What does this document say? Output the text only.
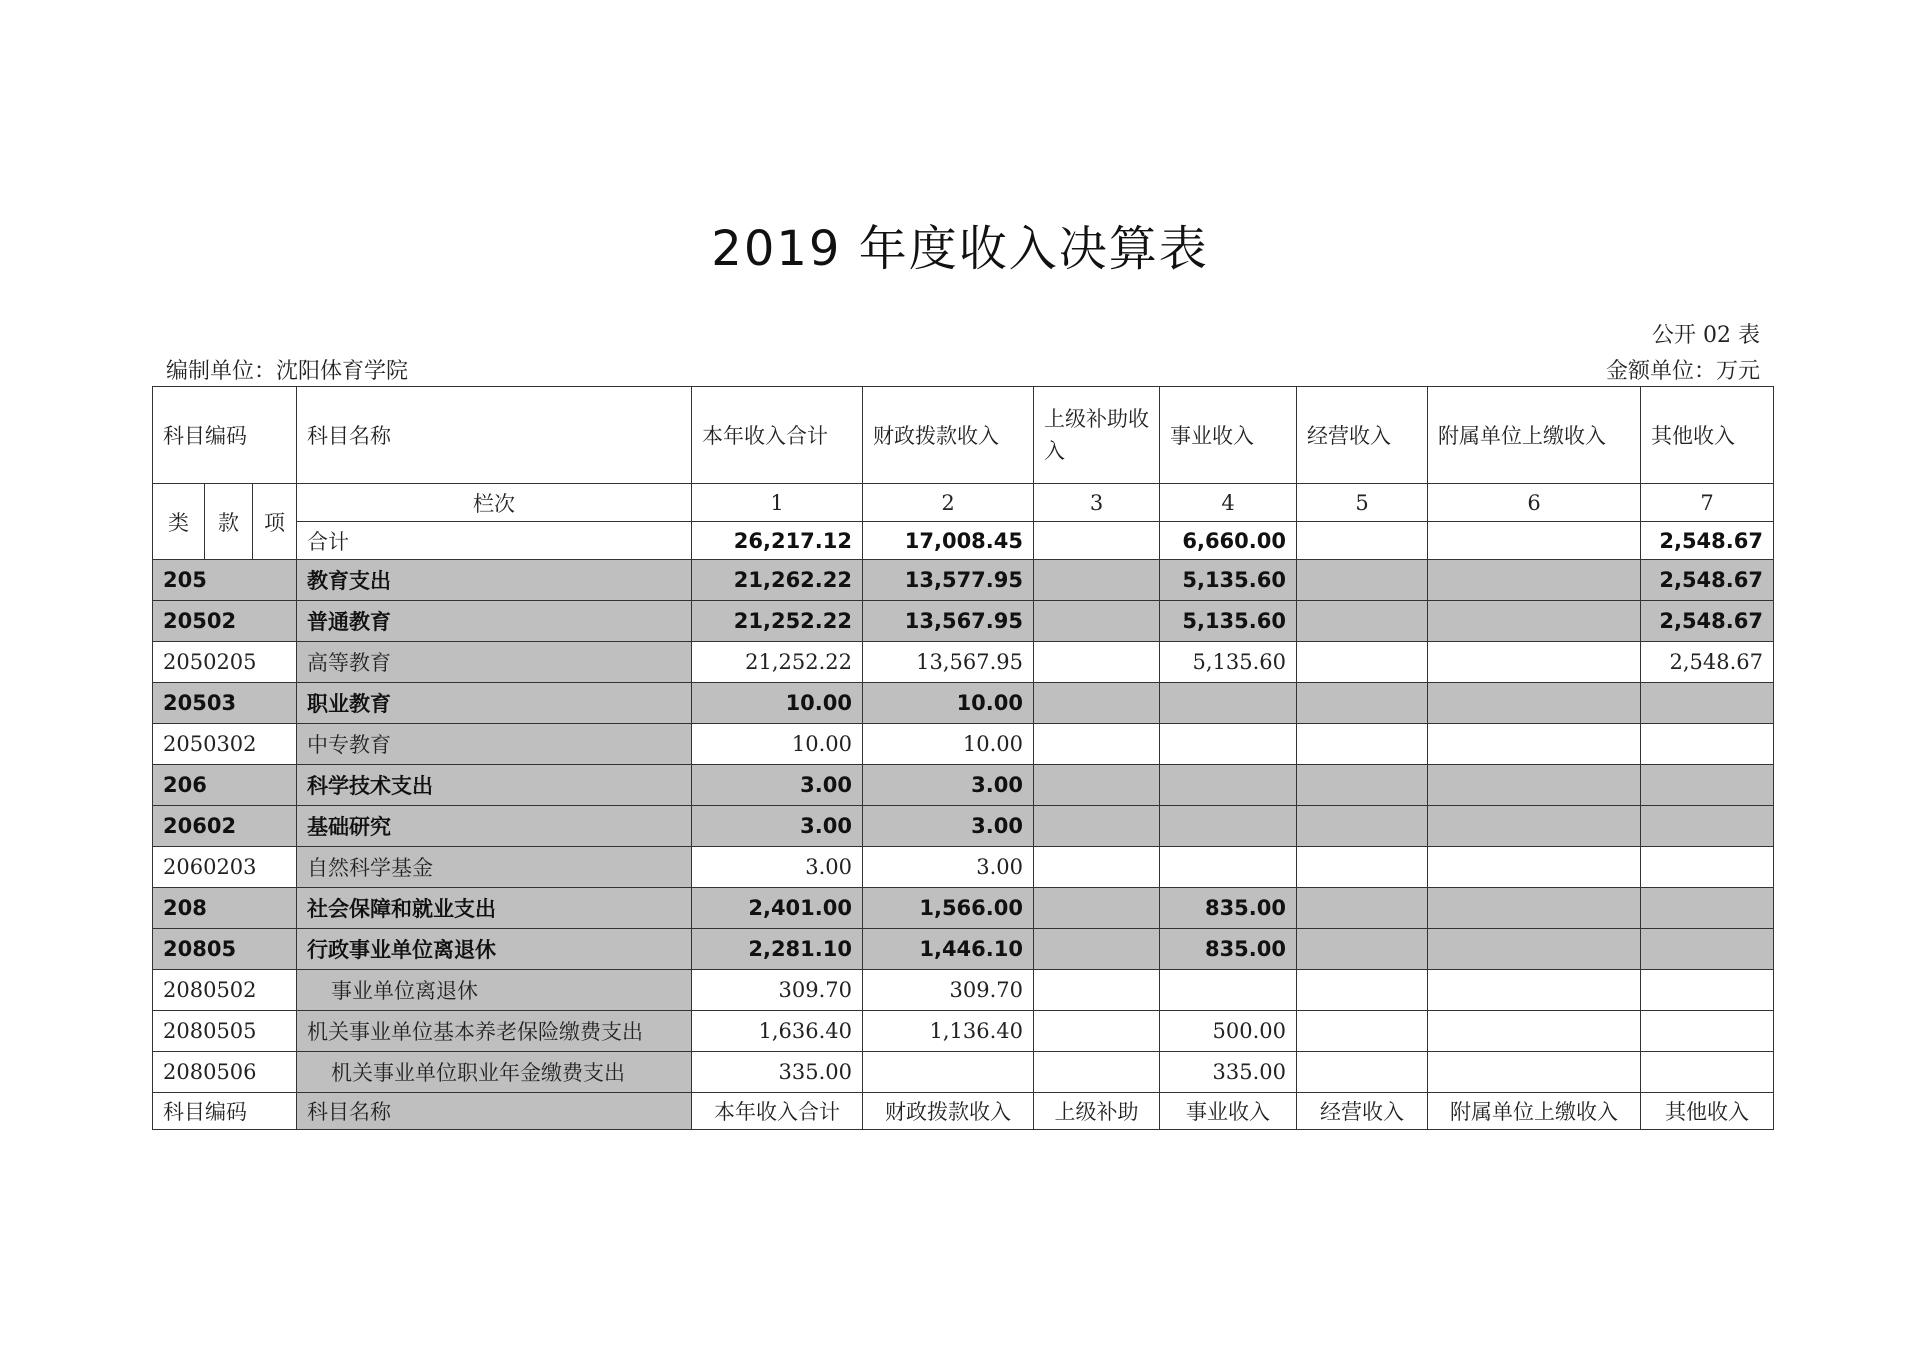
2019 年度收入决算表
公开 02 表
编制单位：沈阳体育学院	金额单位：万元
科目编码			科目名称	本年收入合计	财政拨款收入	上级补助收入	事业收入	经营收入	附属单位上缴收入	其他收入
类	款	项	栏次	1	2	3	4	5	6	7
			合计	26,217.12	17,008.45		6,660.00			2,548.67
205			教育支出	21,262.22	13,577.95		5,135.60			2,548.67
20502			普通教育	21,252.22	13,567.95		5,135.60			2,548.67
2050205			高等教育	21,252.22	13,567.95		5,135.60			2,548.67
20503			职业教育	10.00	10.00					
2050302			中专教育	10.00	10.00					
206			科学技术支出	3.00	3.00					
20602			基础研究	3.00	3.00					
2060203			自然科学基金	3.00	3.00					
208			社会保障和就业支出	2,401.00	1,566.00		835.00			
20805			行政事业单位离退休	2,281.10	1,446.10		835.00			
2080502			事业单位离退休	309.70	309.70					
2080505			机关事业单位基本养老保险缴费支出	1,636.40	1,136.40		500.00			
2080506			机关事业单位职业年金缴费支出	335.00			335.00			
科目编码			科目名称	本年收入合计	财政拨款收入	上级补助	事业收入	经营收入	附属单位上缴收入	其他收入
